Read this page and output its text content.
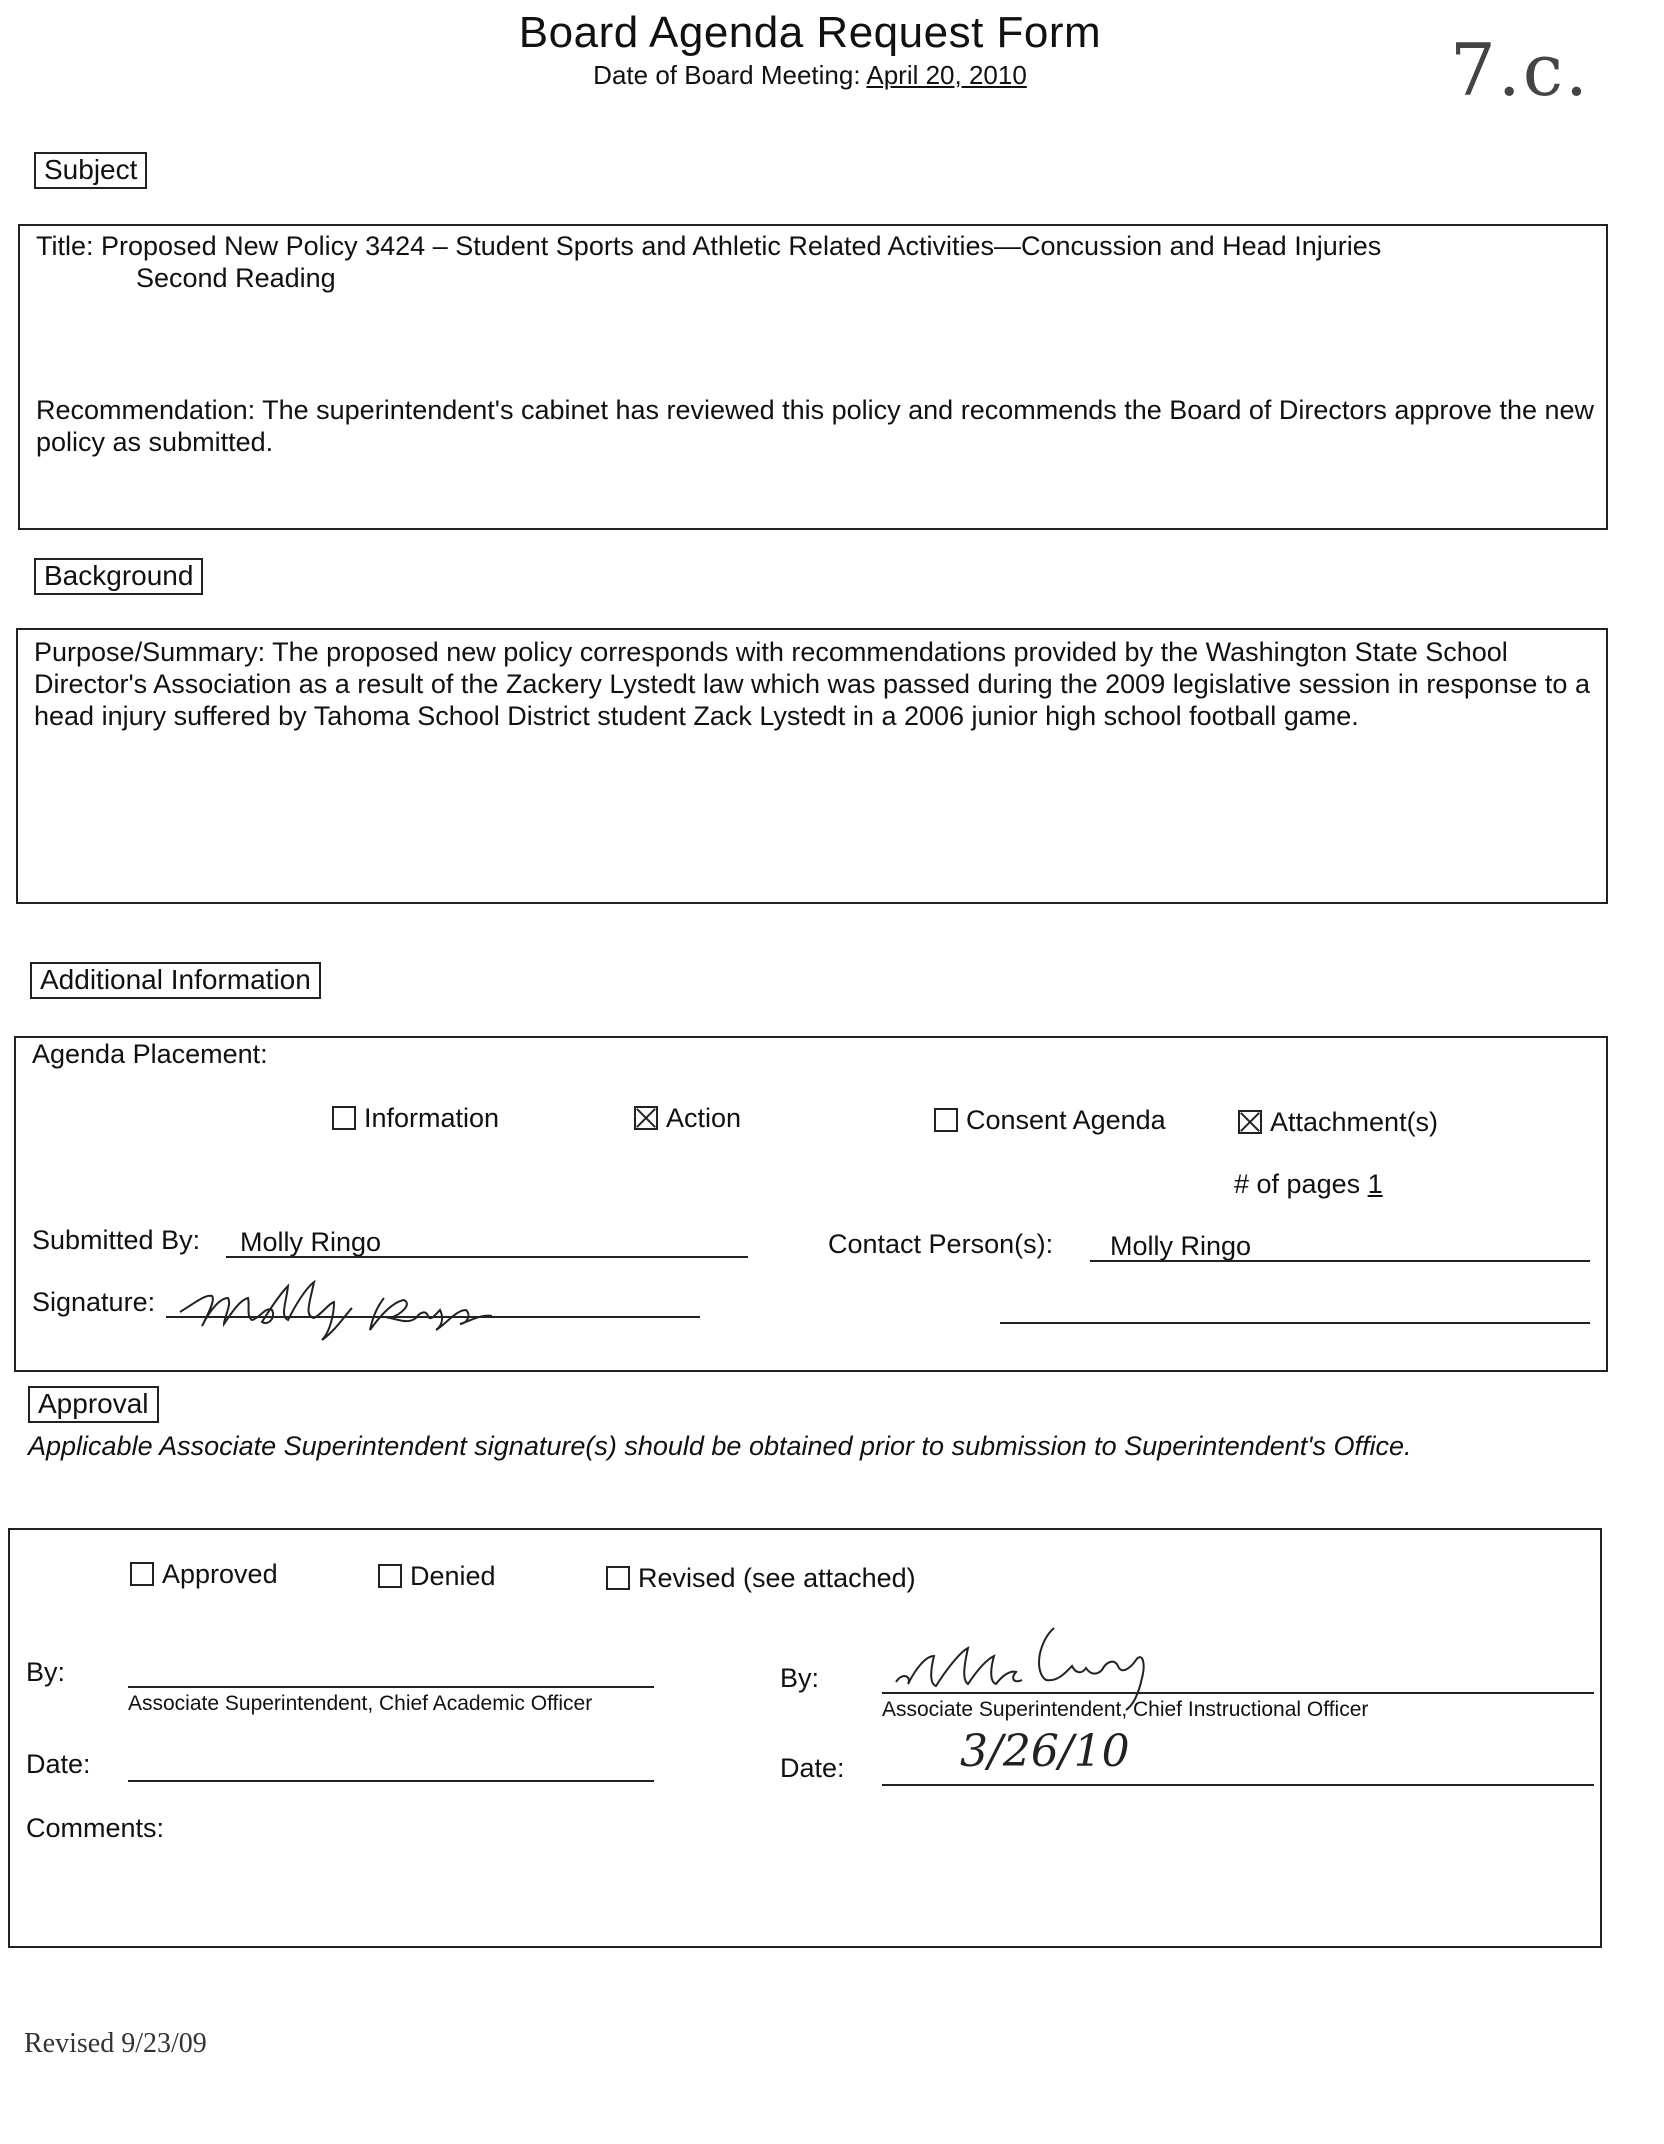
Board Agenda Request Form
Date of Board Meeting: April 20, 2010	7.c.
Subject
Title: Proposed New Policy 3424 – Student Sports and Athletic Related Activities—Concussion and Head Injuries
Second Reading
Recommendation: The superintendent's cabinet has reviewed this policy and recommends the Board of Directors approve the new policy as submitted.
Background
Purpose/Summary: The proposed new policy corresponds with recommendations provided by the Washington State School Director's Association as a result of the Zackery Lystedt law which was passed during the 2009 legislative session in response to a head injury suffered by Tahoma School District student Zack Lystedt in a 2006 junior high school football game.
Additional Information
Agenda Placement:
Information	Action	Consent Agenda	Attachment(s)
# of pages 1
Submitted By: Molly Ringo	Contact Person(s): Molly Ringo
Signature:
Approval
Applicable Associate Superintendent signature(s) should be obtained prior to submission to Superintendent's Office.
Approved	Denied	Revised (see attached)
By:
Associate Superintendent, Chief Academic Officer
Date:
Comments:
By:
Associate Superintendent, Chief Instructional Officer
Date:	3/26/10
Revised 9/23/09
